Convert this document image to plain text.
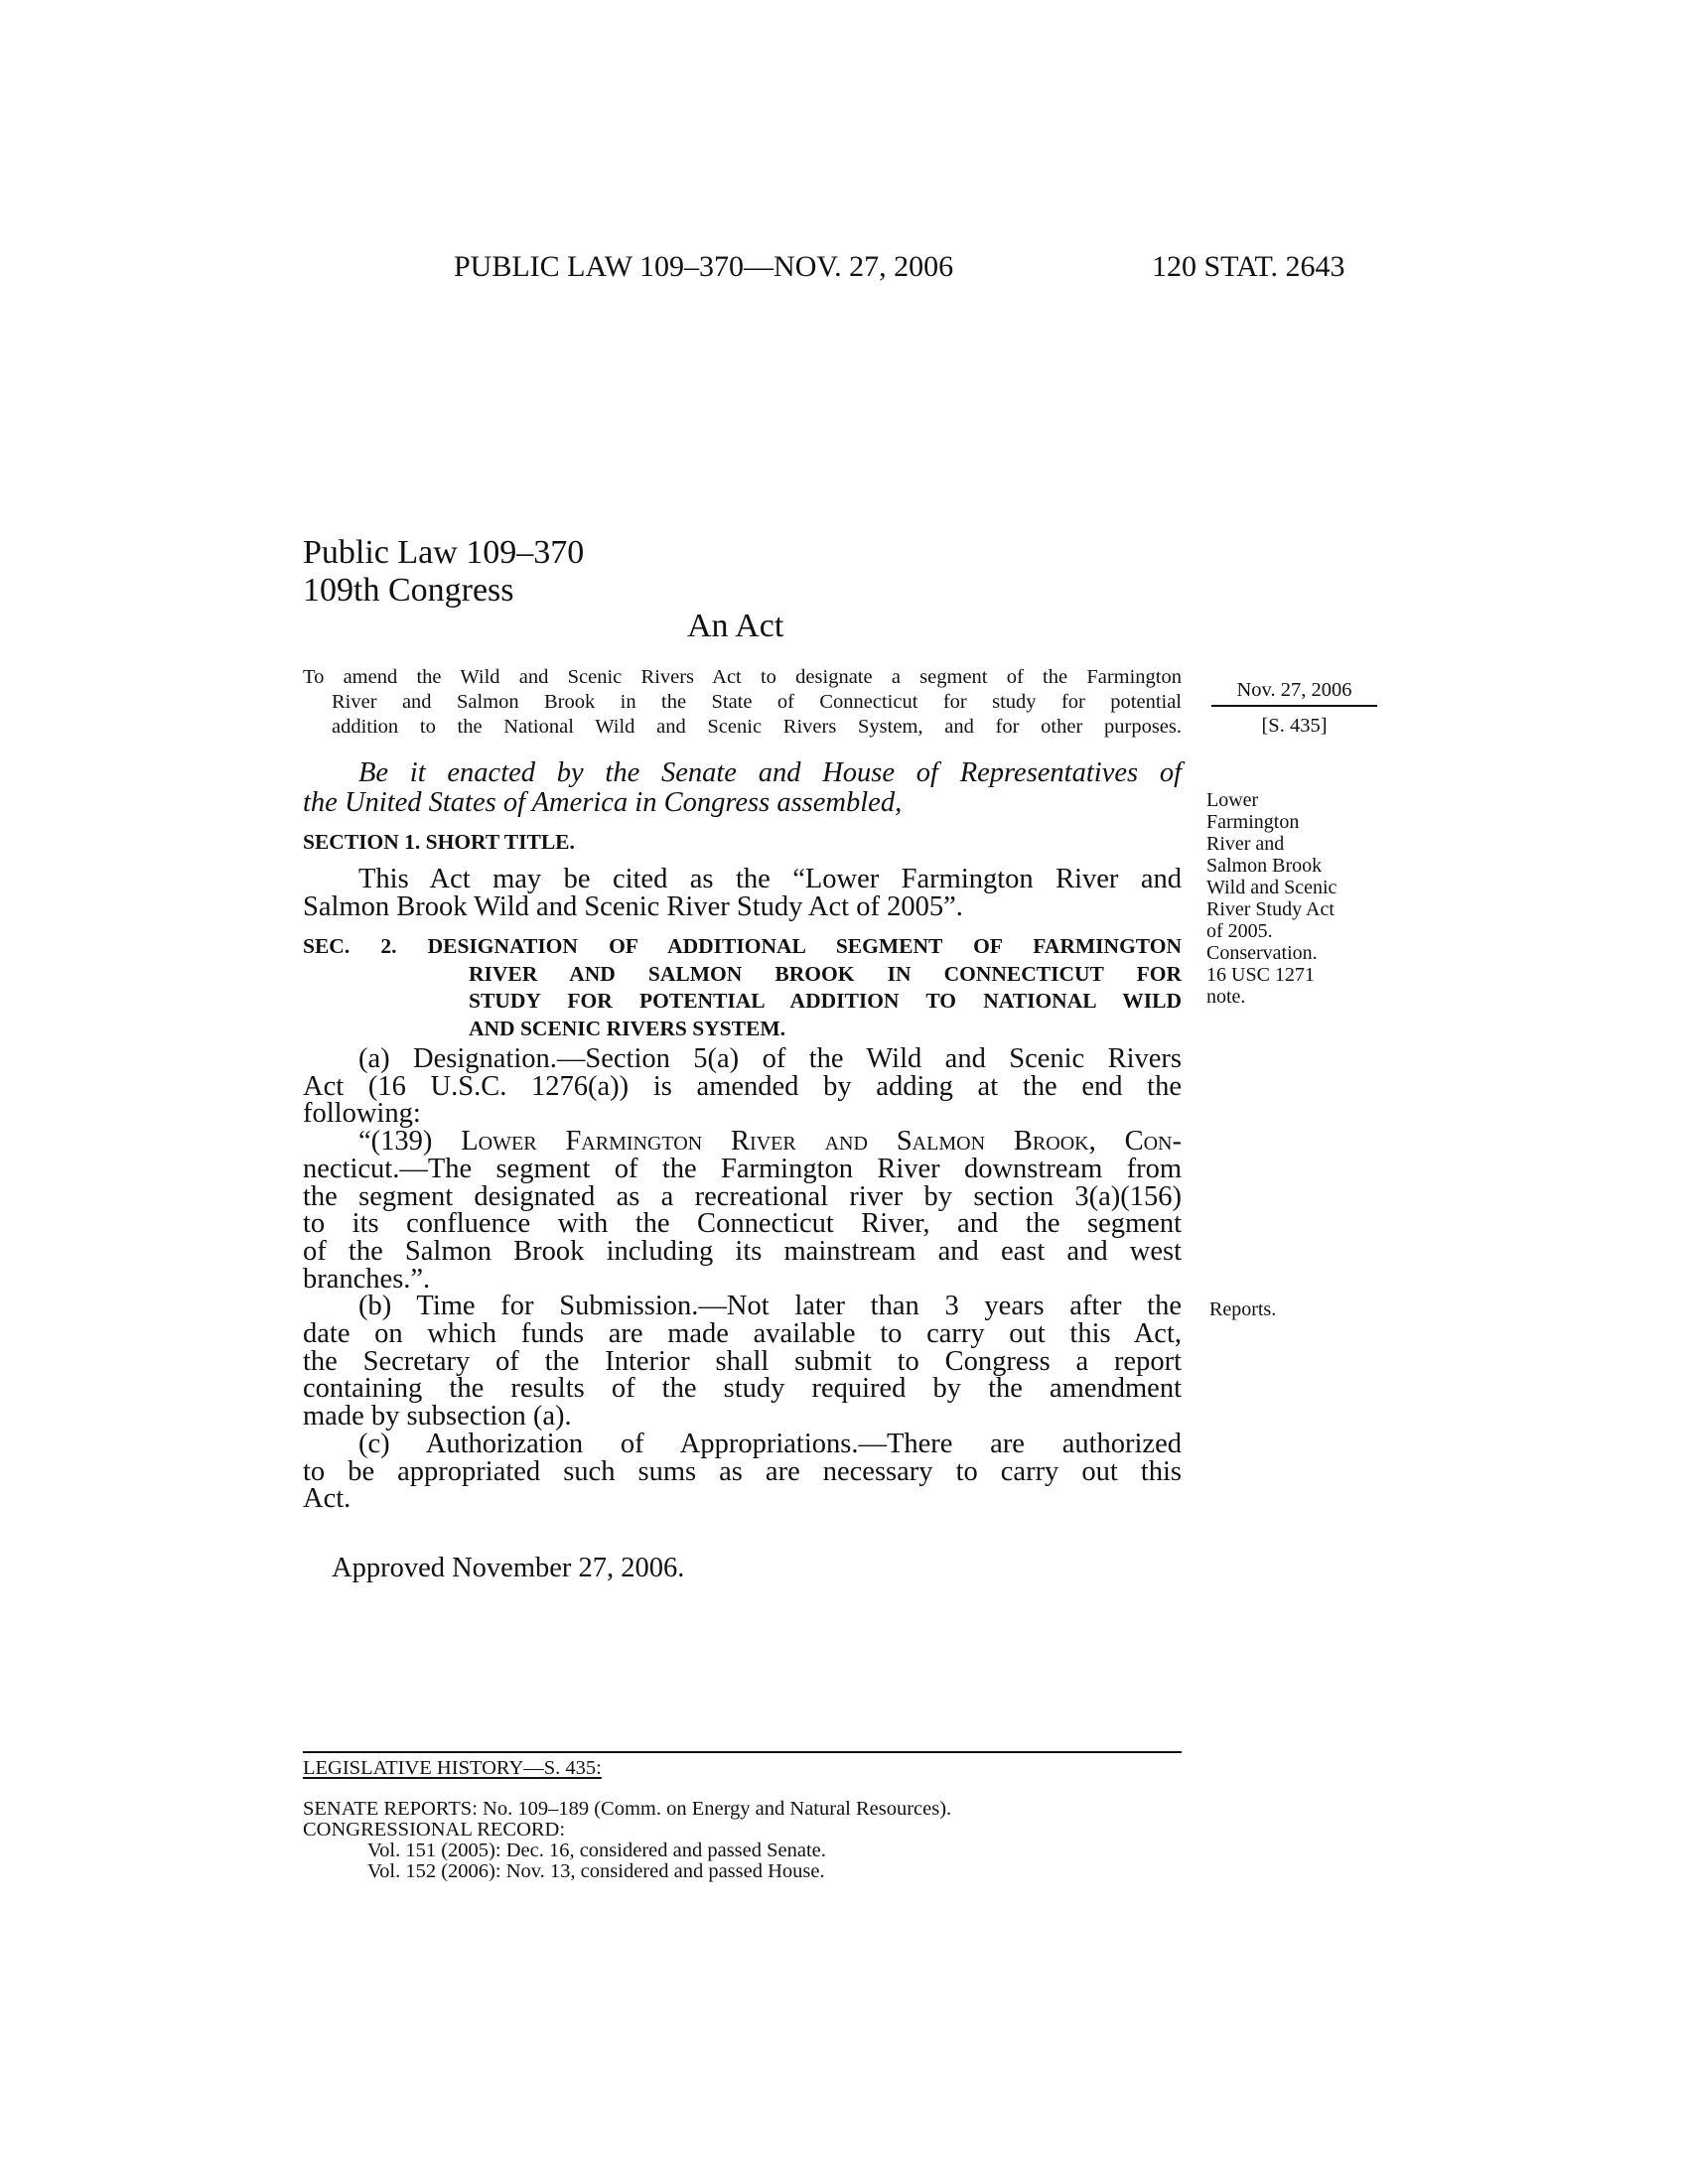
PUBLIC LAW 109–370—NOV. 27, 2006	120 STAT. 2643
Public Law 109–370
109th Congress
An Act
To amend the Wild and Scenic Rivers Act to designate a segment of the Farmington
River and Salmon Brook in the State of Connecticut for study for potential
addition to the National Wild and Scenic Rivers System, and for other purposes.
Nov. 27, 2006
[S. 435]
Be it enacted by the Senate and House of Representatives of
the United States of America in Congress assembled,
SECTION 1. SHORT TITLE.
This Act may be cited as the “Lower Farmington River and
Salmon Brook Wild and Scenic River Study Act of 2005”.
SEC. 2. DESIGNATION OF ADDITIONAL SEGMENT OF FARMINGTON
RIVER AND SALMON BROOK IN CONNECTICUT FOR
STUDY FOR POTENTIAL ADDITION TO NATIONAL WILD
AND SCENIC RIVERS SYSTEM.
(a) Designation.—Section 5(a) of the Wild and Scenic Rivers
Act (16 U.S.C. 1276(a)) is amended by adding at the end the
following:
“(139) Lower Farmington River and Salmon Brook, Con-
necticut.—The segment of the Farmington River downstream from
the segment designated as a recreational river by section 3(a)(156)
to its confluence with the Connecticut River, and the segment
of the Salmon Brook including its mainstream and east and west
branches.”.
(b) Time for Submission.—Not later than 3 years after the
date on which funds are made available to carry out this Act,
the Secretary of the Interior shall submit to Congress a report
containing the results of the study required by the amendment
made by subsection (a).
(c) Authorization of Appropriations.—There are authorized
to be appropriated such sums as are necessary to carry out this
Act.
Lower
Farmington
River and
Salmon Brook
Wild and Scenic
River Study Act
of 2005.
Conservation.
16 USC 1271
note.
Reports.
Approved November 27, 2006.
LEGISLATIVE HISTORY—S. 435:
SENATE REPORTS: No. 109–189 (Comm. on Energy and Natural Resources).
CONGRESSIONAL RECORD:
Vol. 151 (2005): Dec. 16, considered and passed Senate.
Vol. 152 (2006): Nov. 13, considered and passed House.
